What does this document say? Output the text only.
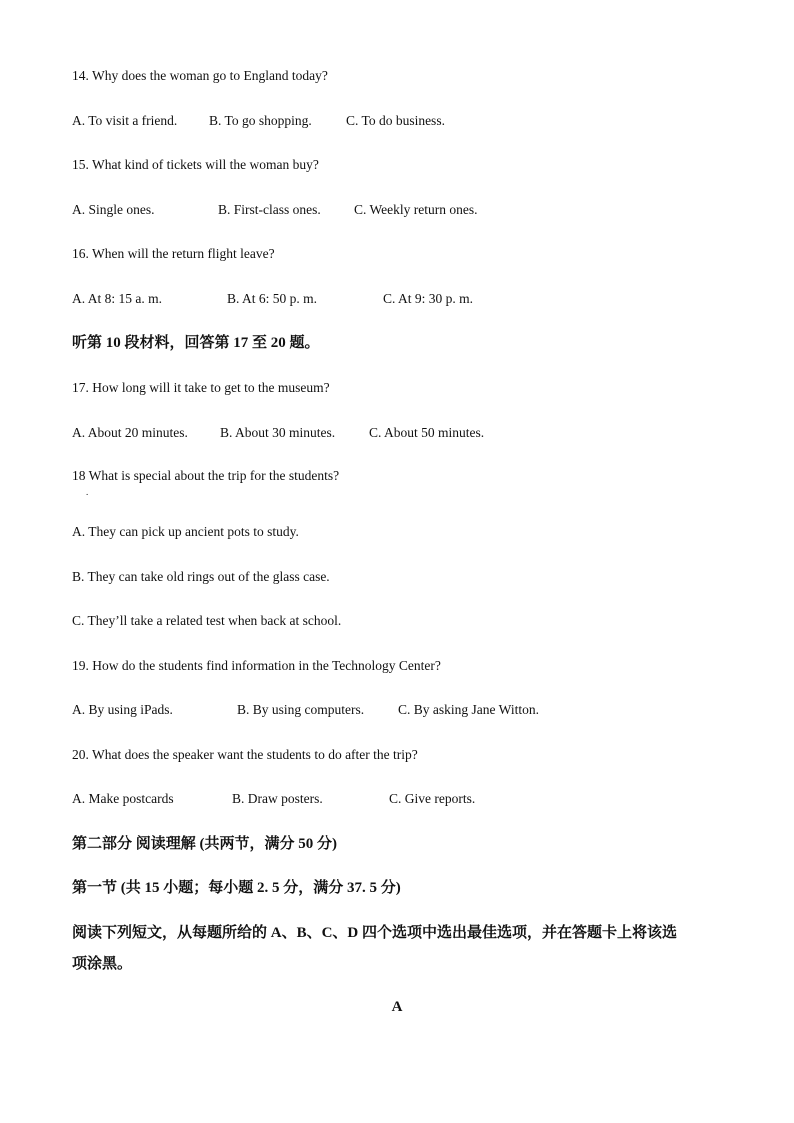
14. Why does the woman go to England today?
A. To visit a friend. B. To go shopping.	C. To do business.
15. What kind of tickets will the woman buy?
A. Single ones.	B. First-class ones. C. Weekly return ones.
16. When will the return flight leave?
A. At 8: 15 a. m.	B. At 6: 50 p. m.	C. At 9: 30 p. m.
听第 10 段材料，回答第 17 至 20 题。
17. How long will it take to get to the museum?
A. About 20 minutes. B. About 30 minutes.	C. About 50 minutes.
18 What is special about the trip for the students?
.
A. They can pick up ancient pots to study.
B. They can take old rings out of the glass case.
C. They’ll take a related test when back at school.
19. How do the students find information in the Technology Center?
A. By using iPads.	B. By using computers.	C. By asking Jane Witton.
20. What does the speaker want the students to do after the trip?
A. Make postcards	B. Draw posters.	C. Give reports.
第二部分 阅读理解 (共两节，满分 50 分)
第一节 (共 15 小题；每小题 2. 5 分，满分 37. 5 分)
阅读下列短文，从每题所给的 A、B、C、D 四个选项中选出最佳选项，并在答题卡上将该选
项涂黑。
A
